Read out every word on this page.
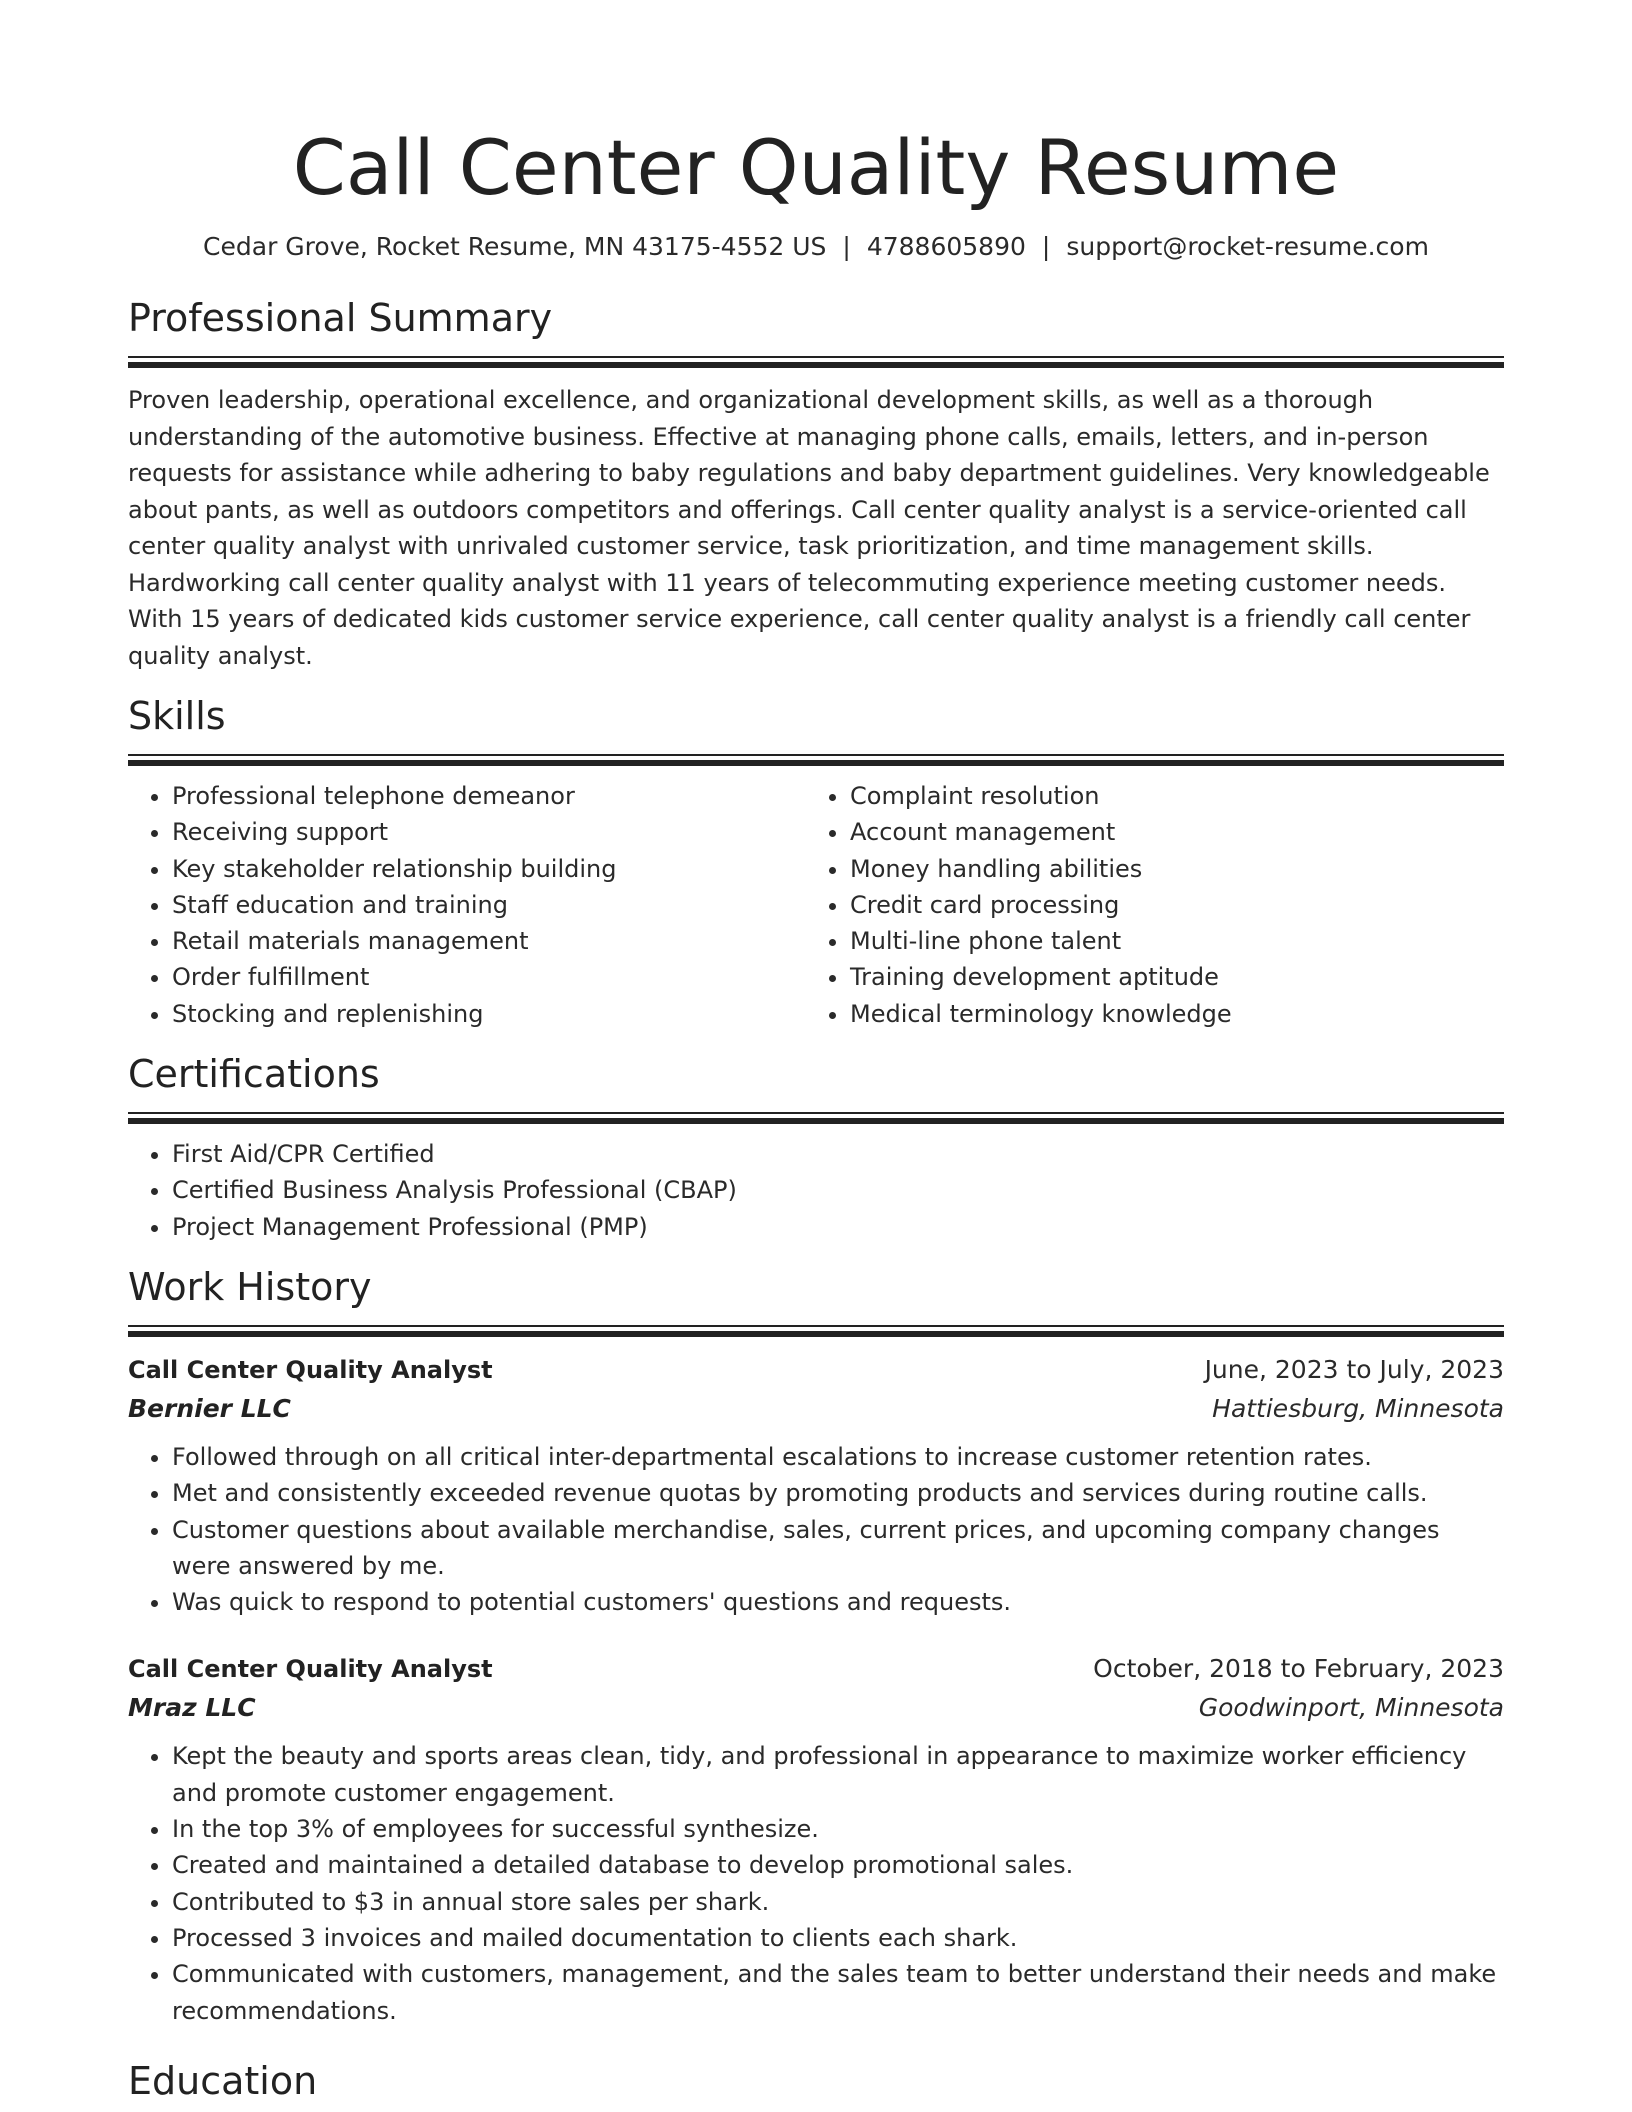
Call Center Quality Resume
Cedar Grove, Rocket Resume, MN 43175-4552 US | 4788605890 | support@rocket-resume.com
Professional Summary
Proven leadership, operational excellence, and organizational development skills, as well as a thorough understanding of the automotive business. Effective at managing phone calls, emails, letters, and in-person requests for assistance while adhering to baby regulations and baby department guidelines. Very knowledgeable about pants, as well as outdoors competitors and offerings. Call center quality analyst is a service-oriented call center quality analyst with unrivaled customer service, task prioritization, and time management skills. Hardworking call center quality analyst with 11 years of telecommuting experience meeting customer needs. With 15 years of dedicated kids customer service experience, call center quality analyst is a friendly call center quality analyst.
Skills
• Professional telephone demeanor
• Receiving support
• Key stakeholder relationship building
• Staff education and training
• Retail materials management
• Order fulfillment
• Stocking and replenishing
• Complaint resolution
• Account management
• Money handling abilities
• Credit card processing
• Multi-line phone talent
• Training development aptitude
• Medical terminology knowledge
Certifications
• First Aid/CPR Certified
• Certified Business Analysis Professional (CBAP)
• Project Management Professional (PMP)
Work History
Call Center Quality Analyst	June, 2023 to July, 2023
Bernier LLC	Hattiesburg, Minnesota
• Followed through on all critical inter-departmental escalations to increase customer retention rates.
• Met and consistently exceeded revenue quotas by promoting products and services during routine calls.
• Customer questions about available merchandise, sales, current prices, and upcoming company changes were answered by me.
• Was quick to respond to potential customers' questions and requests.
Call Center Quality Analyst	October, 2018 to February, 2023
Mraz LLC	Goodwinport, Minnesota
• Kept the beauty and sports areas clean, tidy, and professional in appearance to maximize worker efficiency and promote customer engagement.
• In the top 3% of employees for successful synthesize.
• Created and maintained a detailed database to develop promotional sales.
• Contributed to $3 in annual store sales per shark.
• Processed 3 invoices and mailed documentation to clients each shark.
• Communicated with customers, management, and the sales team to better understand their needs and make recommendations.
Education
